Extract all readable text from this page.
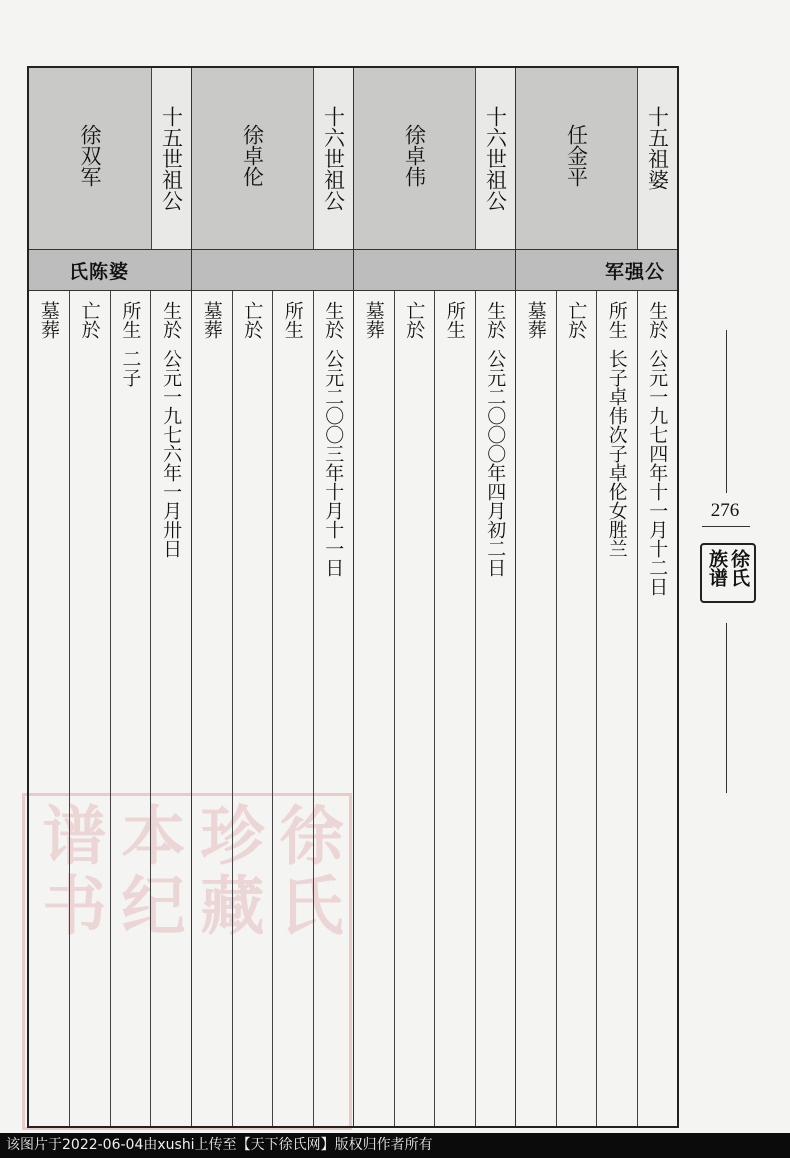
徐氏
珍藏
本纪
谱书
十五祖婆
任金平
军强公
生於
公元一九七四年十一月十二日
所生
长子卓伟次子卓伦女胜兰
亡於
墓葬
十六世祖公
徐卓伟
生於
公元二〇〇〇年四月初二日
所生
亡於
墓葬
十六世祖公
徐卓伦
生於
公元二〇〇三年十月十一日
所生
亡於
墓葬
十五世祖公
徐双军
氏陈婆
生於
公元一九七六年一月卅日
所生
二子
亡於
墓葬
276
徐氏
族谱
该图片于2022-06-04由xushi上传至【天下徐氏网】版权归作者所有
